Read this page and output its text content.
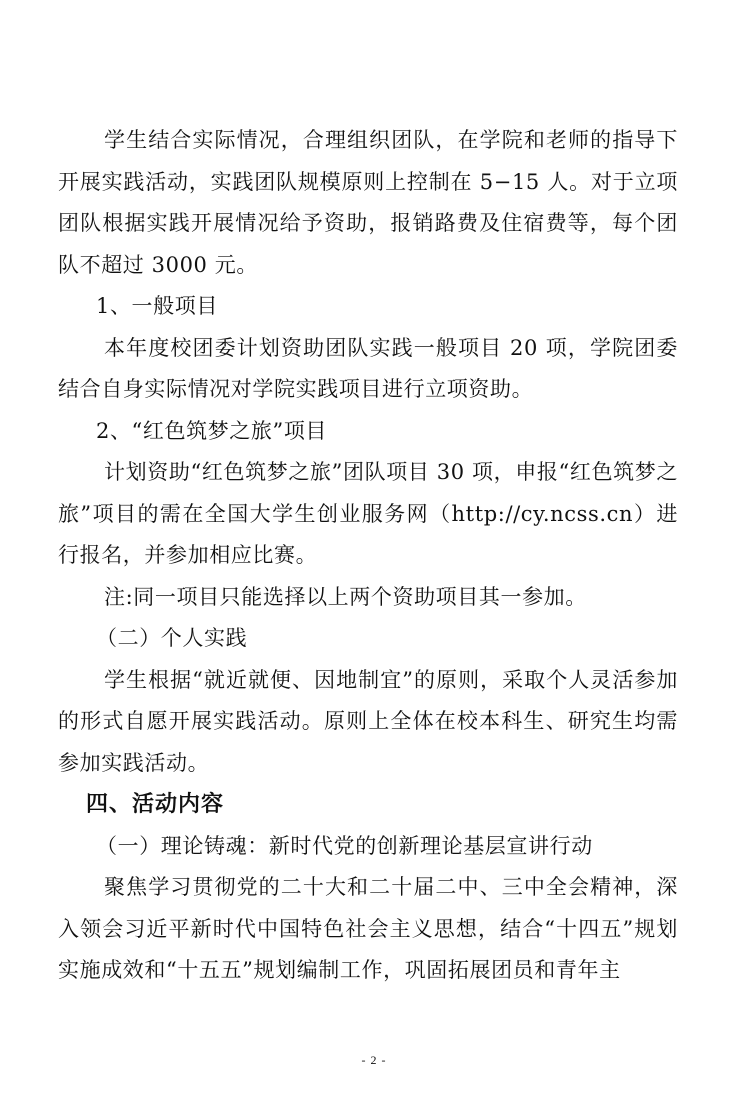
学生结合实际情况，合理组织团队，在学院和老师的指导下开展实践活动，实践团队规模原则上控制在 5−15 人。对于立项团队根据实践开展情况给予资助，报销路费及住宿费等，每个团队不超过 3000 元。

1、一般项目

本年度校团委计划资助团队实践一般项目 20 项，学院团委结合自身实际情况对学院实践项目进行立项资助。

2、“红色筑梦之旅”项目

计划资助“红色筑梦之旅”团队项目 30 项，申报“红色筑梦之旅”项目的需在全国大学生创业服务网（http://cy.ncss.cn）进行报名，并参加相应比赛。

注:同一项目只能选择以上两个资助项目其一参加。

（二）个人实践

学生根据“就近就便、因地制宜”的原则，采取个人灵活参加的形式自愿开展实践活动。原则上全体在校本科生、研究生均需参加实践活动。

四、活动内容

（一）理论铸魂：新时代党的创新理论基层宣讲行动

聚焦学习贯彻党的二十大和二十届二中、三中全会精神，深入领会习近平新时代中国特色社会主义思想，结合“十四五”规划实施成效和“十五五”规划编制工作，巩固拓展团员和青年主

- 2 -
